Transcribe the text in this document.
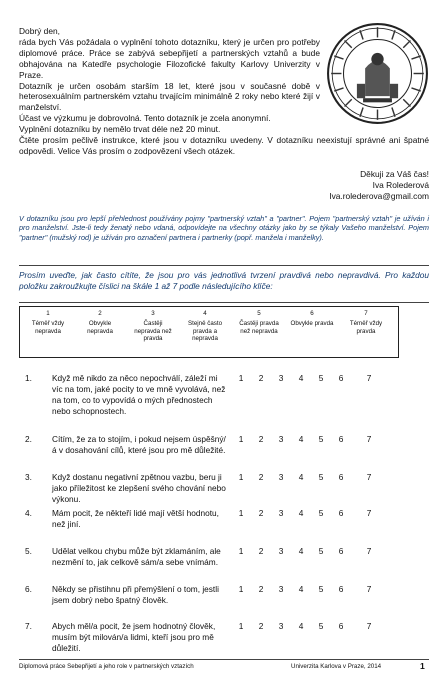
Dobrý den,

ráda bych Vás požádala o vyplnění tohoto dotazníku, který je určen pro potřeby diplomové práce. Práce se zabývá sebepřijetí a partnerských vztahů a bude obhajována na Katedře psychologie Filozofické fakulty Karlovy Univerzity v Praze.

Dotazník je určen osobám starším 18 let, které jsou v současné době v heterosexuálním partnerském vztahu trvajícím minimálně 2 roky nebo které žijí v manželství.

Účast ve výzkumu je dobrovolná. Tento dotazník je zcela anonymní.

Vyplnění dotazníku by nemělo trvat déle než 20 minut.

Čtěte prosím pečlivě instrukce, které jsou v dotazníku uvedeny. V dotazníku neexistují správné ani špatné odpovědi. Velice Vás prosím o zodpovězení všech otázek.

Děkuji za Váš čas!

Iva Rolederová

Iva.rolederova@gmail.com

V dotazníku jsou pro lepší přehlednost používány pojmy "partnerský vztah" a "partner". Pojem "partnerský vztah" je užíván i pro manželství. Jste-li tedy ženatý nebo vdaná, odpovídejte na všechny otázky jako by se týkaly Vašeho manželství. Pojem "partner" (mužský rod) je užíván pro označení partnera i partnerky (popř. manžela i manželky).

Prosím uveďte, jak často cítíte, že jsou pro vás jednotlivá tvrzení pravdivá nebo nepravdivá. Pro každou položku zakroužkujte číslici na škále 1 až 7 podle následujícího klíče:

1
Téměř vždy nepravda
2
Obvykle nepravda
3
Častěji nepravda než pravda
4
Stejně často pravda a nepravda
5
Častěji pravda než nepravda
6
Obvykle pravda
7
Téměř vždy pravda
1. Když mě nikdo za něco nepochválí, záleží mi víc na tom, jaké pocity to ve mně vyvolává, než na tom, co to vypovídá o mých přednostech nebo schopnostech.
1	2	3	4	5	6	7
2. Cítím, že za to stojím, i pokud nejsem úspěšný/á v dosahování cílů, které jsou pro mě důležité.
1	2	3	4	5	6	7
3. Když dostanu negativní zpětnou vazbu, beru ji jako příležitost ke zlepšení svého chování nebo výkonu.
1	2	3	4	5	6	7
4. Mám pocit, že někteří lidé mají větší hodnotu, než jiní.
1	2	3	4	5	6	7
5. Udělat velkou chybu může být zklamáním, ale nezmění to, jak celkově sám/a sebe vnímám.
1	2	3	4	5	6	7
6. Někdy se přistihnu při přemýšlení o tom, jestli jsem dobrý nebo špatný člověk.
1	2	3	4	5	6	7
7. Abych měl/a pocit, že jsem hodnotný člověk, musím být milován/a lidmi, kteří jsou pro mě důležití.
1	2	3	4	5	6	7

Diplomová práce Sebepřijetí a jeho role v partnerských vztazích	Univerzita Karlova v Praze, 2014	1
